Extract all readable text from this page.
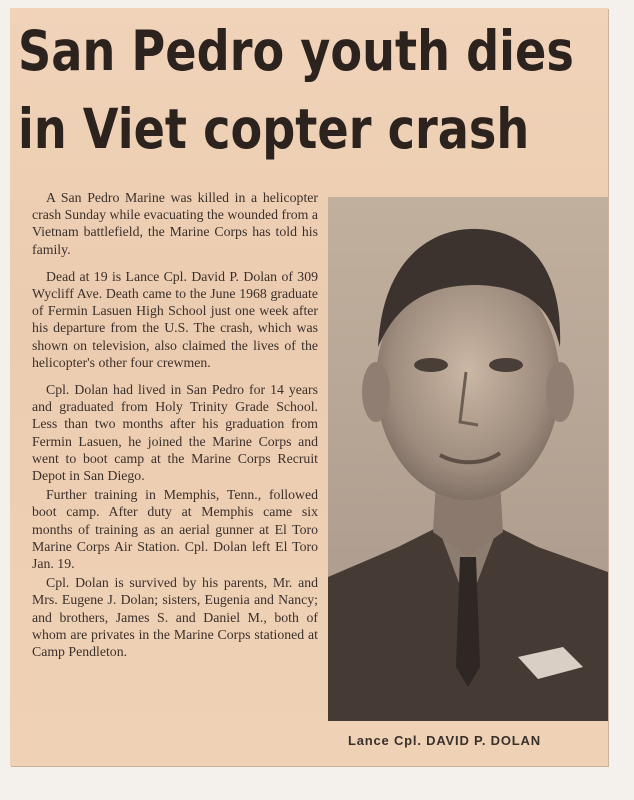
San Pedro youth dies
in Viet copter crash

A San Pedro Marine was killed in a helicopter crash Sunday while evacuating the wounded from a Vietnam battlefield, the Marine Corps has told his family.

Dead at 19 is Lance Cpl. David P. Dolan of 309 Wycliff Ave. Death came to the June 1968 graduate of Fermin Lasuen High School just one week after his departure from the U.S. The crash, which was shown on television, also claimed the lives of the helicopter's other four crewmen.

Cpl. Dolan had lived in San Pedro for 14 years and graduated from Holy Trinity Grade School. Less than two months after his graduation from Fermin Lasuen, he joined the Marine Corps and went to boot camp at the Marine Corps Recruit Depot in San Diego.

Further training in Memphis, Tenn., followed boot camp. After duty at Memphis came six months of training as an aerial gunner at El Toro Marine Corps Air Station. Cpl. Dolan left El Toro Jan. 19.

Cpl. Dolan is survived by his parents, Mr. and Mrs. Eugene J. Dolan; sisters, Eugenia and Nancy; and brothers, James S. and Daniel M., both of whom are privates in the Marine Corps stationed at Camp Pendleton.

Lance Cpl. DAVID P. DOLAN
